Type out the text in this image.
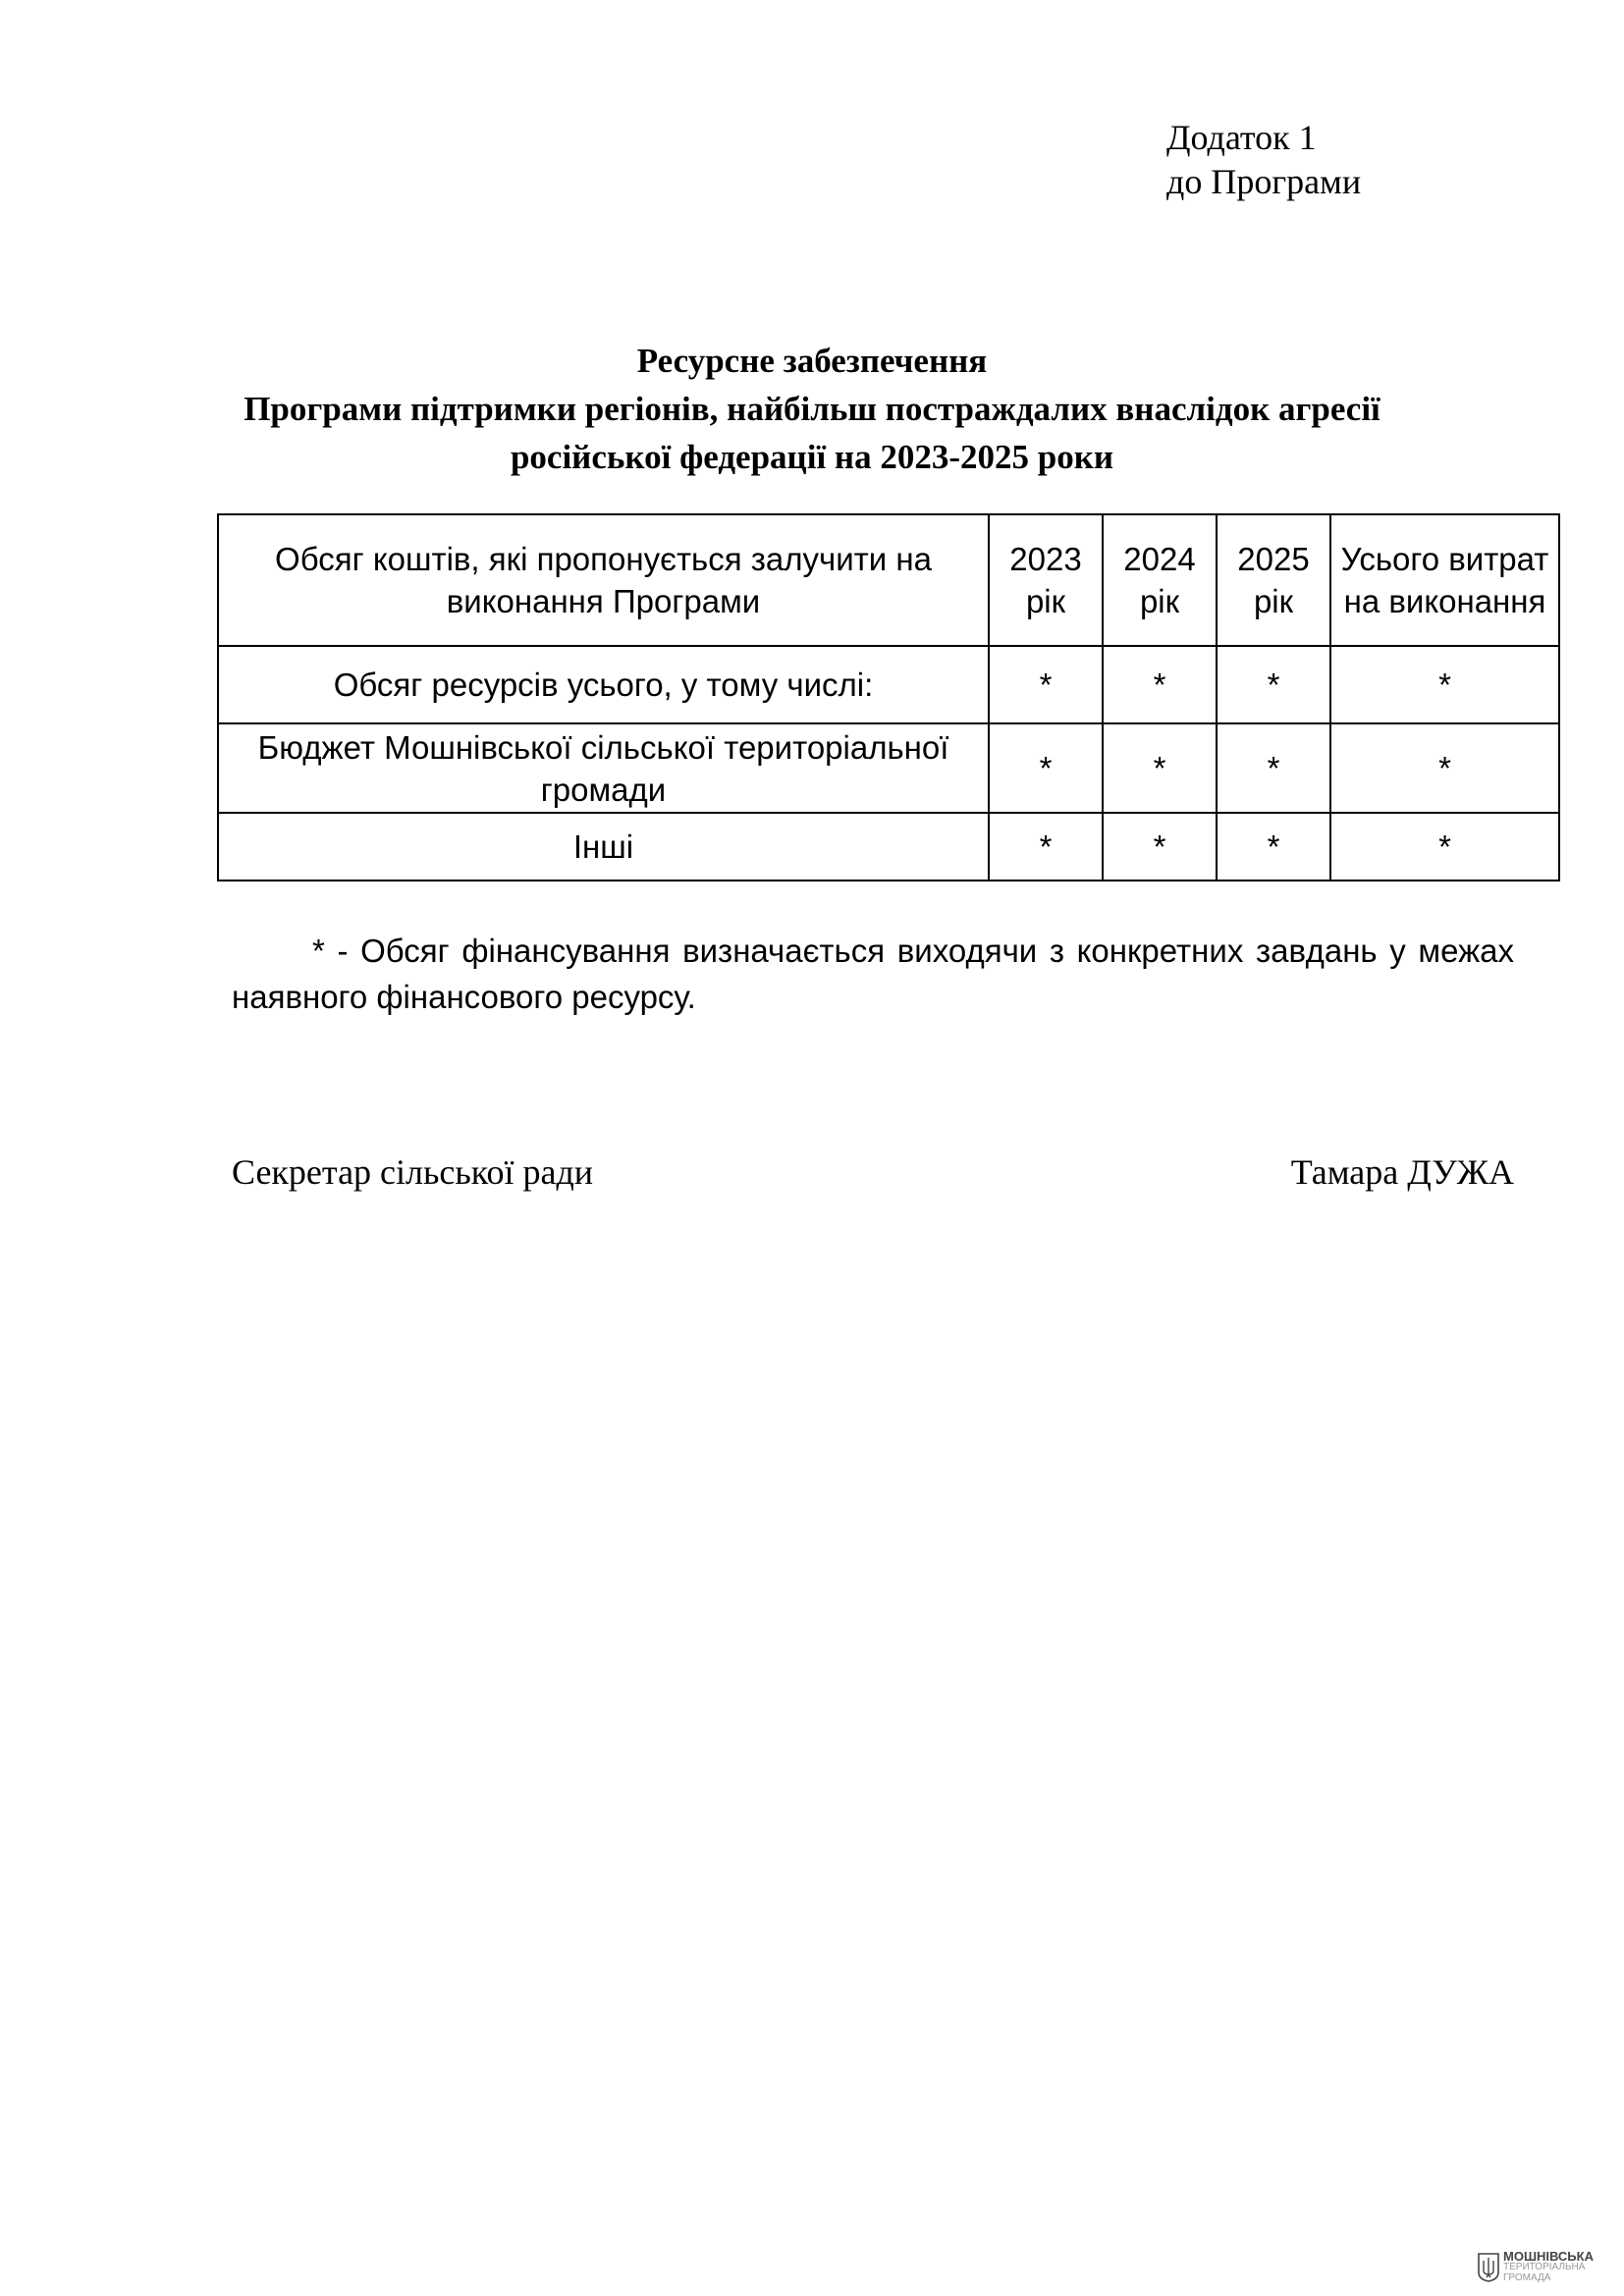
Додаток 1
до Програми
Ресурсне забезпечення
Програми підтримки регіонів, найбільш постраждалих внаслідок агресії
російської федерації на 2023-2025 роки
Обсяг коштів, які пропонується залучити на виконання Програми	2023 рік	2024 рік	2025 рік	Усього витрат на виконання
Обсяг ресурсів усього, у тому числі:	*	*	*	*
Бюджет Мошнівської сільської територіальної громади	*	*	*	*
Інші	*	*	*	*
* - Обсяг фінансування визначається виходячи з конкретних завдань у межах наявного фінансового ресурсу.
Секретар сільської ради	Тамара ДУЖА
МОШНІВСЬКА
ТЕРИТОРІАЛЬНА
ГРОМАДА
